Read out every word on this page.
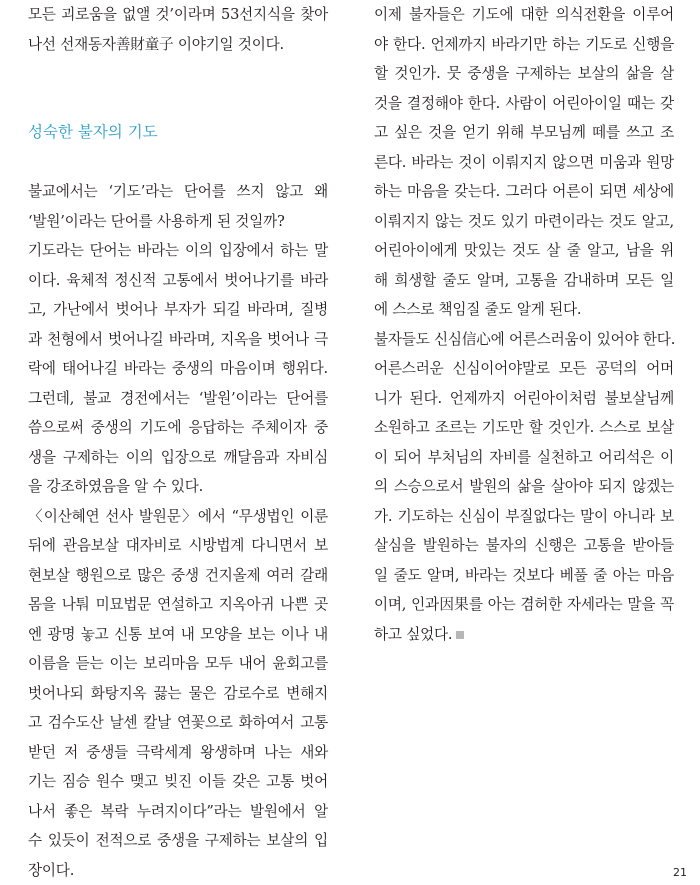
모든 괴로움을 없앨 것’이라며 53선지식을 찾아
나선 선재동자善財童子 이야기일 것이다.
성숙한 불자의 기도
불교에서는 ‘기도’라는 단어를 쓰지 않고 왜
‘발원’이라는 단어를 사용하게 된 것일까?
기도라는 단어는 바라는 이의 입장에서 하는 말
이다. 육체적 정신적 고통에서 벗어나기를 바라
고, 가난에서 벗어나 부자가 되길 바라며, 질병
과 천형에서 벗어나길 바라며, 지옥을 벗어나 극
락에 태어나길 바라는 중생의 마음이며 행위다.
그런데, 불교 경전에서는 ‘발원’이라는 단어를
씀으로써 중생의 기도에 응답하는 주체이자 중
생을 구제하는 이의 입장으로 깨달음과 자비심
을 강조하였음을 알 수 있다.
〈이산혜연 선사 발원문〉에서 “무생법인 이룬
뒤에 관음보살 대자비로 시방법계 다니면서 보
현보살 행원으로 많은 중생 건지올제 여러 갈래
몸을 나퉈 미묘법문 연설하고 지옥아귀 나쁜 곳
엔 광명 놓고 신통 보여 내 모양을 보는 이나 내
이름을 듣는 이는 보리마음 모두 내어 윤회고를
벗어나되 화탕지옥 끓는 물은 감로수로 변해지
고 검수도산 날센 칼날 연꽃으로 화하여서 고통
받던 저 중생들 극락세계 왕생하며 나는 새와
기는 짐승 원수 맺고 빚진 이들 갖은 고통 벗어
나서 좋은 복락 누려지이다”라는 발원에서 알
수 있듯이 전적으로 중생을 구제하는 보살의 입
장이다.
이제 불자들은 기도에 대한 의식전환을 이루어
야 한다. 언제까지 바라기만 하는 기도로 신행을
할 것인가. 뭇 중생을 구제하는 보살의 삶을 살
것을 결정해야 한다. 사람이 어린아이일 때는 갖
고 싶은 것을 얻기 위해 부모님께 떼를 쓰고 조
른다. 바라는 것이 이뤄지지 않으면 미움과 원망
하는 마음을 갖는다. 그러다 어른이 되면 세상에
이뤄지지 않는 것도 있기 마련이라는 것도 알고,
어린아이에게 맛있는 것도 살 줄 알고, 남을 위
해 희생할 줄도 알며, 고통을 감내하며 모든 일
에 스스로 책임질 줄도 알게 된다.
불자들도 신심信心에 어른스러움이 있어야 한다.
어른스러운 신심이어야말로 모든 공덕의 어머
니가 된다. 언제까지 어린아이처럼 불보살님께
소원하고 조르는 기도만 할 것인가. 스스로 보살
이 되어 부처님의 자비를 실천하고 어리석은 이
의 스승으로서 발원의 삶을 살아야 되지 않겠는
가. 기도하는 신심이 부질없다는 말이 아니라 보
살심을 발원하는 불자의 신행은 고통을 받아들
일 줄도 알며, 바라는 것보다 베풀 줄 아는 마음
이며, 인과因果를 아는 겸허한 자세라는 말을 꼭
하고 싶었다.
21
